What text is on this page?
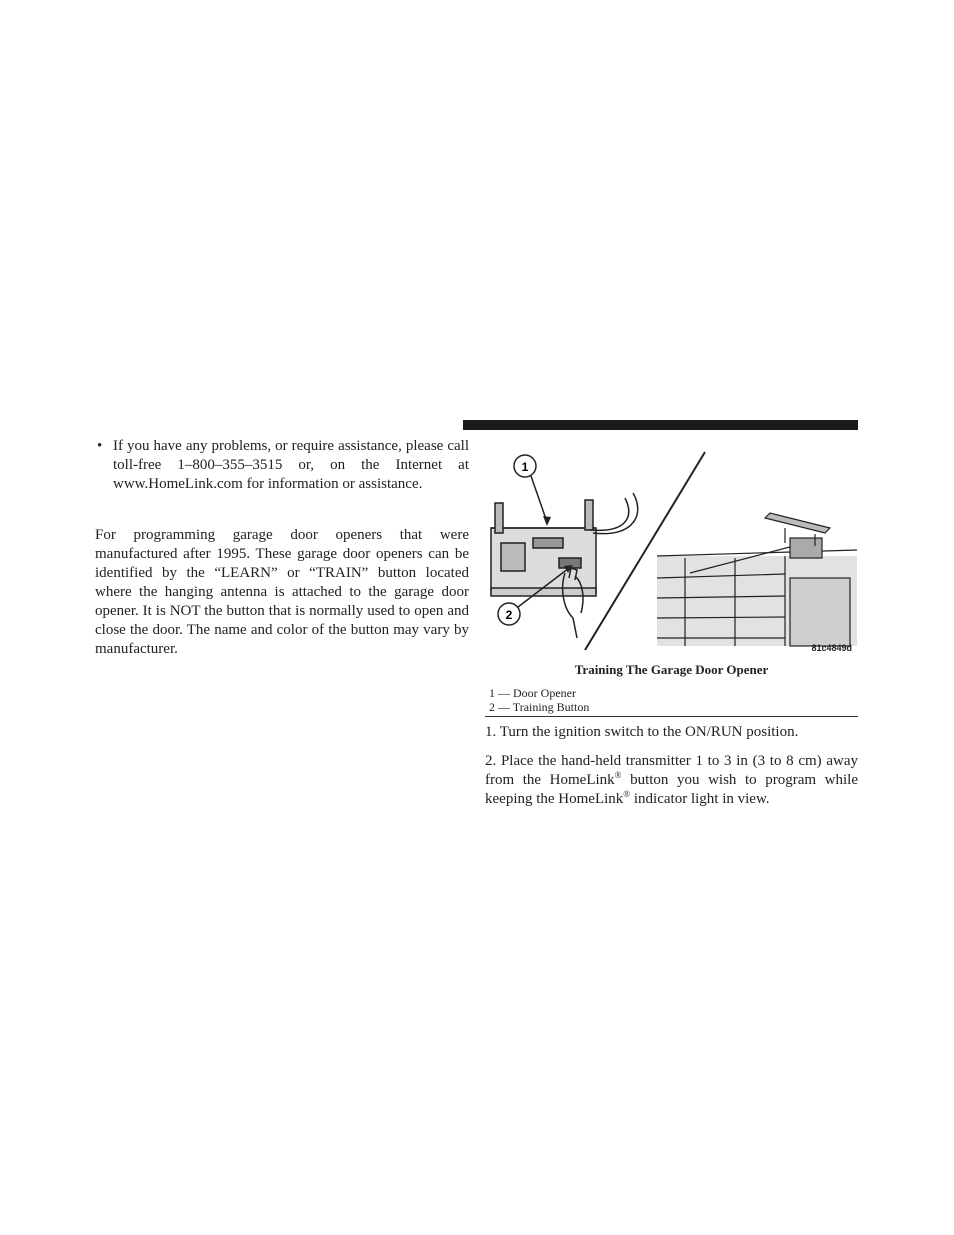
• If you have any problems, or require assistance, please call toll-free 1–800–355–3515 or, on the Internet at www.HomeLink.com for information or assistance.
For programming garage door openers that were manufactured after 1995. These garage door openers can be identified by the “LEARN” or “TRAIN” button located where the hanging antenna is attached to the garage door opener. It is NOT the button that is normally used to open and close the door. The name and color of the button may vary by manufacturer.
1
2
81c4849d
Training The Garage Door Opener
1 — Door Opener
2 — Training Button
1. Turn the ignition switch to the ON/RUN position.
2. Place the hand-held transmitter 1 to 3 in (3 to 8 cm) away from the HomeLink® button you wish to program while keeping the HomeLink® indicator light in view.
